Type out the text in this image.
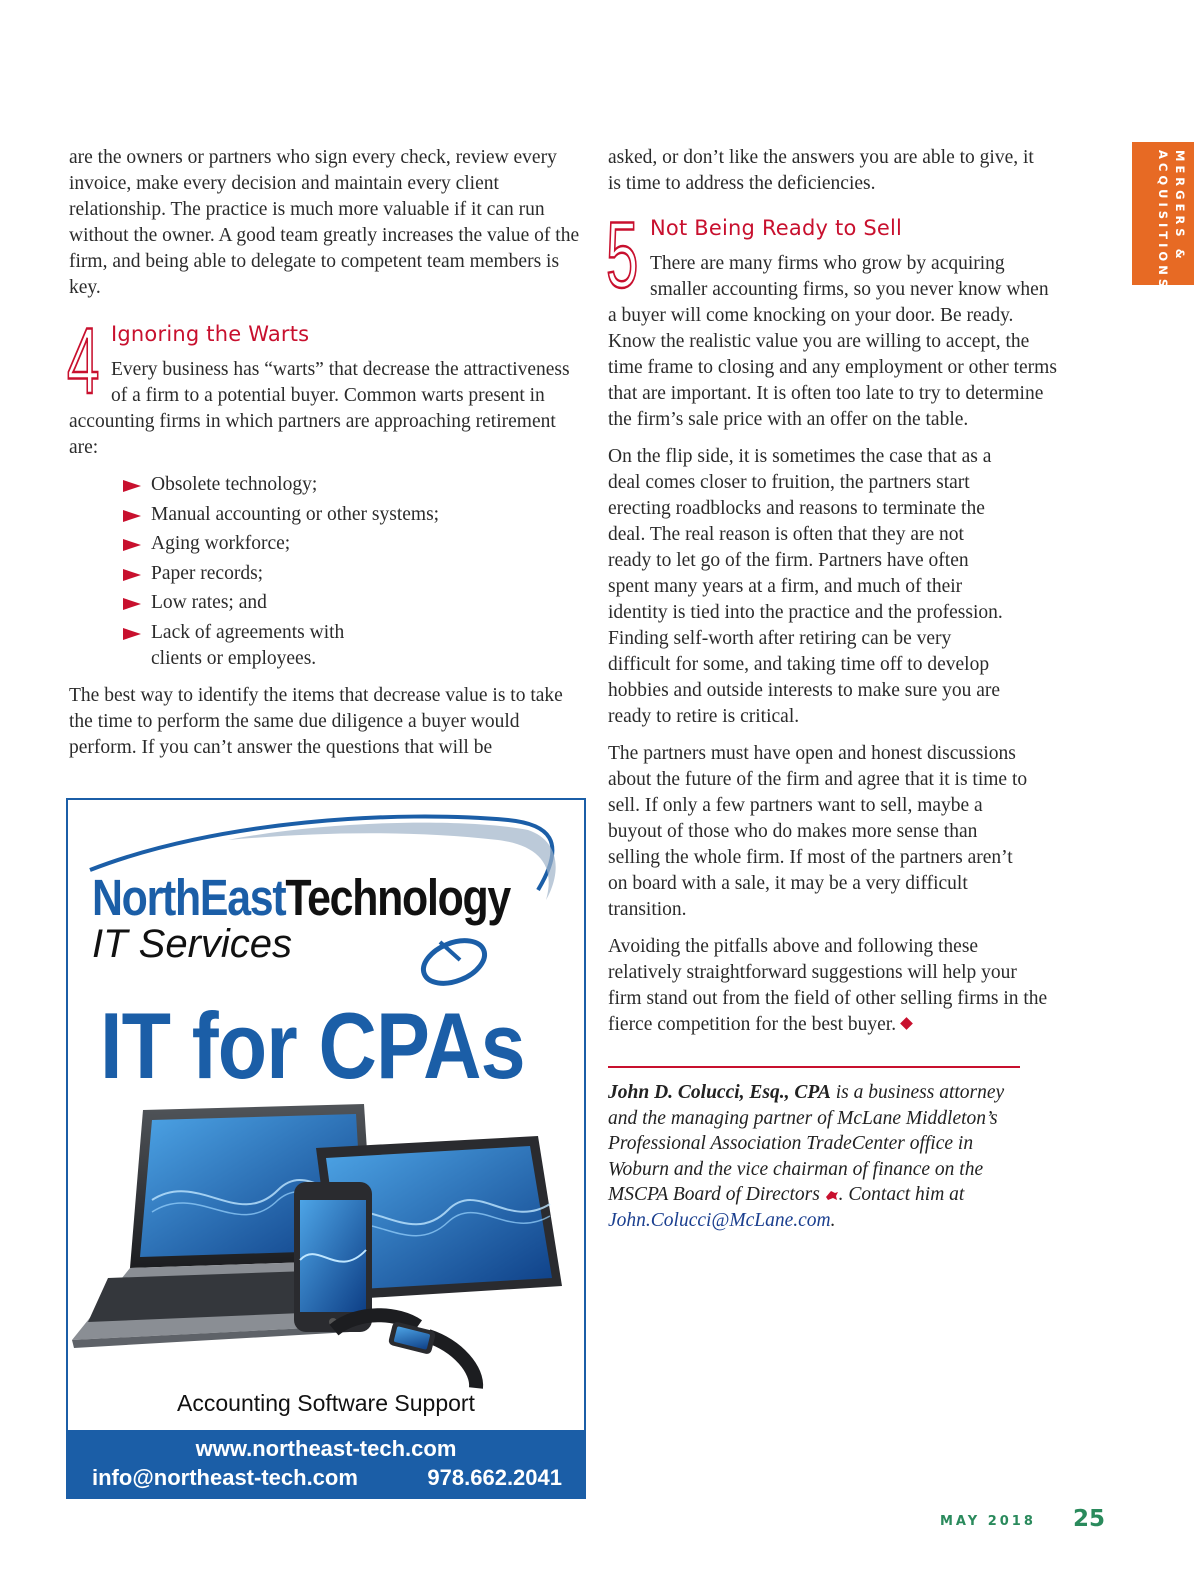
are the owners or partners who sign every check, review every invoice, make every decision and maintain every client relationship. The practice is much more valuable if it can run without the owner. A good team greatly increases the value of the firm, and being able to delegate to competent team members is key.

4 Ignoring the Warts

Every business has “warts” that decrease the attractiveness of a firm to a potential buyer. Common warts present in accounting firms in which partners are approaching retirement are:

Obsolete technology;
Manual accounting or other systems;
Aging workforce;
Paper records;
Low rates; and
Lack of agreements with clients or employees.

The best way to identify the items that decrease value is to take the time to perform the same due diligence a buyer would perform. If you can’t answer the questions that will be

asked, or don’t like the answers you are able to give, it is time to address the deficiencies.

5 Not Being Ready to Sell

There are many firms who grow by acquiring smaller accounting firms, so you never know when a buyer will come knocking on your door. Be ready. Know the realistic value you are willing to accept, the time frame to closing and any employment or other terms that are important. It is often too late to try to determine the firm’s sale price with an offer on the table.

On the flip side, it is sometimes the case that as a deal comes closer to fruition, the partners start erecting roadblocks and reasons to terminate the deal. The real reason is often that they are not ready to let go of the firm. Partners have often spent many years at a firm, and much of their identity is tied into the practice and the profession. Finding self-worth after retiring can be very difficult for some, and taking time off to develop hobbies and outside interests to make sure you are ready to retire is critical.

The partners must have open and honest discussions about the future of the firm and agree that it is time to sell. If only a few partners want to sell, maybe a buyout of those who do makes more sense than selling the whole firm. If most of the partners aren’t on board with a sale, it may be a very difficult transition.

Avoiding the pitfalls above and following these relatively straightforward suggestions will help your firm stand out from the field of other selling firms in the fierce competition for the best buyer.

John D. Colucci, Esq., CPA is a business attorney and the managing partner of McLane Middleton’s Professional Association TradeCenter office in Woburn and the vice chairman of finance on the MSCPA Board of Directors . Contact him at John.Colucci@McLane.com.
MERGERS & ACQUISITIONS
NorthEastTechnology
IT Services
IT for CPAs
Accounting Software Support
www.northeast-tech.com
info@northeast-tech.com	978.662.2041
MAY 2018 25
